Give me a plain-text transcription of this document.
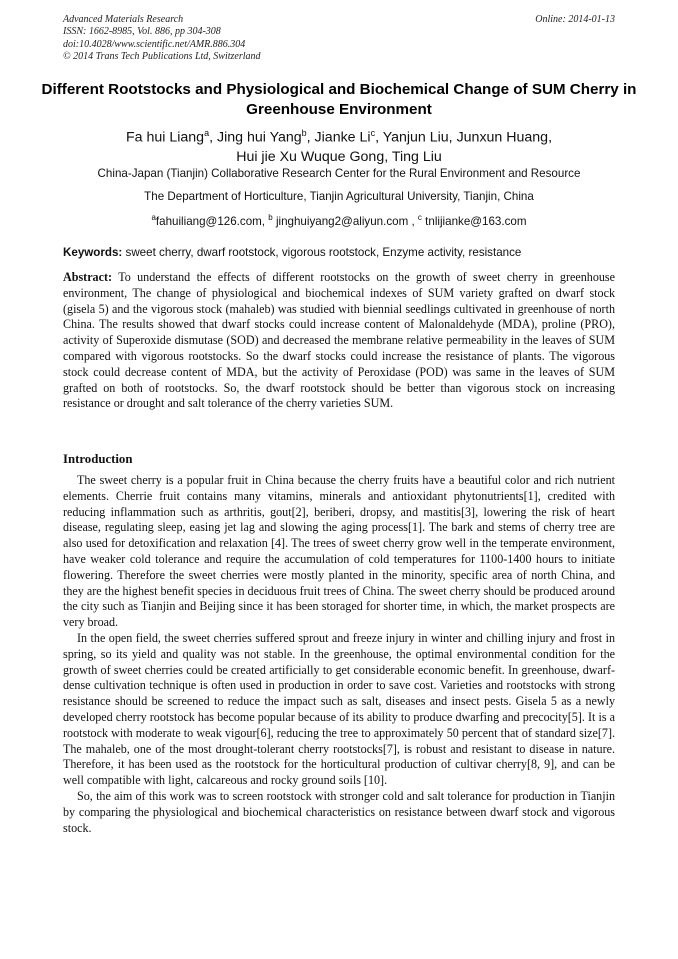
Advanced Materials Research
ISSN: 1662-8985, Vol. 886, pp 304-308
doi:10.4028/www.scientific.net/AMR.886.304
© 2014 Trans Tech Publications Ltd, Switzerland
Online: 2014-01-13
Different Rootstocks and Physiological and Biochemical Change of SUM Cherry in Greenhouse Environment
Fa hui Liang$^a$, Jing hui Yang$^b$, Jianke Li$^c$, Yanjun Liu, Junxun Huang,
Hui jie Xu Wuque Gong, Ting Liu
China-Japan (Tianjin) Collaborative Research Center for the Rural Environment and Resource
The Department of Horticulture, Tianjin Agricultural University, Tianjin, China
$^a$fahuiliang@126.com, $^b$ jinghuiyang2@aliyun.com , $^c$ tnlijianke@163.com
Keywords: sweet cherry, dwarf rootstock, vigorous rootstock, Enzyme activity, resistance
Abstract: To understand the effects of different rootstocks on the growth of sweet cherry in greenhouse environment, The change of physiological and biochemical indexes of SUM variety grafted on dwarf stock (gisela 5) and the vigorous stock (mahaleb) was studied with biennial seedlings cultivated in greenhouse of north China. The results showed that dwarf stocks could increase content of Malonaldehyde (MDA), proline (PRO), activity of Superoxide dismutase (SOD) and decreased the membrane relative permeability in the leaves of SUM compared with vigorous rootstocks. So the dwarf stocks could increase the resistance of plants. The vigorous stock could decrease content of MDA, but the activity of Peroxidase (POD) was same in the leaves of SUM grafted on both of rootstocks. So, the dwarf rootstock should be better than vigorous stock on increasing resistance or drought and salt tolerance of the cherry varieties SUM.
Introduction

The sweet cherry is a popular fruit in China because the cherry fruits have a beautiful color and rich nutrient elements. Cherrie fruit contains many vitamins, minerals and antioxidant phytonutrients[1], credited with reducing inflammation such as arthritis, gout[2], beriberi, dropsy, and mastitis[3], lowering the risk of heart disease, regulating sleep, easing jet lag and slowing the aging process[1]. The bark and stems of cherry tree are also used for detoxification and relaxation [4]. The trees of sweet cherry grow well in the temperate environment, have weaker cold tolerance and require the accumulation of cold temperatures for 1100-1400 hours to initiate flowering. Therefore the sweet cherries were mostly planted in the minority, specific area of north China, and they are the highest benefit species in deciduous fruit trees of China. The sweet cherry should be produced around the city such as Tianjin and Beijing since it has been storaged for shorter time, in which, the market prospects are very broad.

In the open field, the sweet cherries suffered sprout and freeze injury in winter and chilling injury and frost in spring, so its yield and quality was not stable. In the greenhouse, the optimal environmental condition for the growth of sweet cherries could be created artificially to get considerable economic benefit. In greenhouse, dwarf-dense cultivation technique is often used in production in order to save cost. Varieties and rootstocks with strong resistance should be screened to reduce the impact such as salt, diseases and insect pests. Gisela 5 as a newly developed cherry rootstock has become popular because of its ability to produce dwarfing and precocity[5]. It is a rootstock with moderate to weak vigour[6], reducing the tree to approximately 50 percent that of standard size[7]. The mahaleb, one of the most drought-tolerant cherry rootstocks[7], is robust and resistant to disease in nature. Therefore, it has been used as the rootstock for the horticultural production of cultivar cherry[8, 9], and can be well compatible with light, calcareous and rocky ground soils [10].

So, the aim of this work was to screen rootstock with stronger cold and salt tolerance for production in Tianjin by comparing the physiological and biochemical characteristics on resistance between dwarf stock and vigorous stock.
